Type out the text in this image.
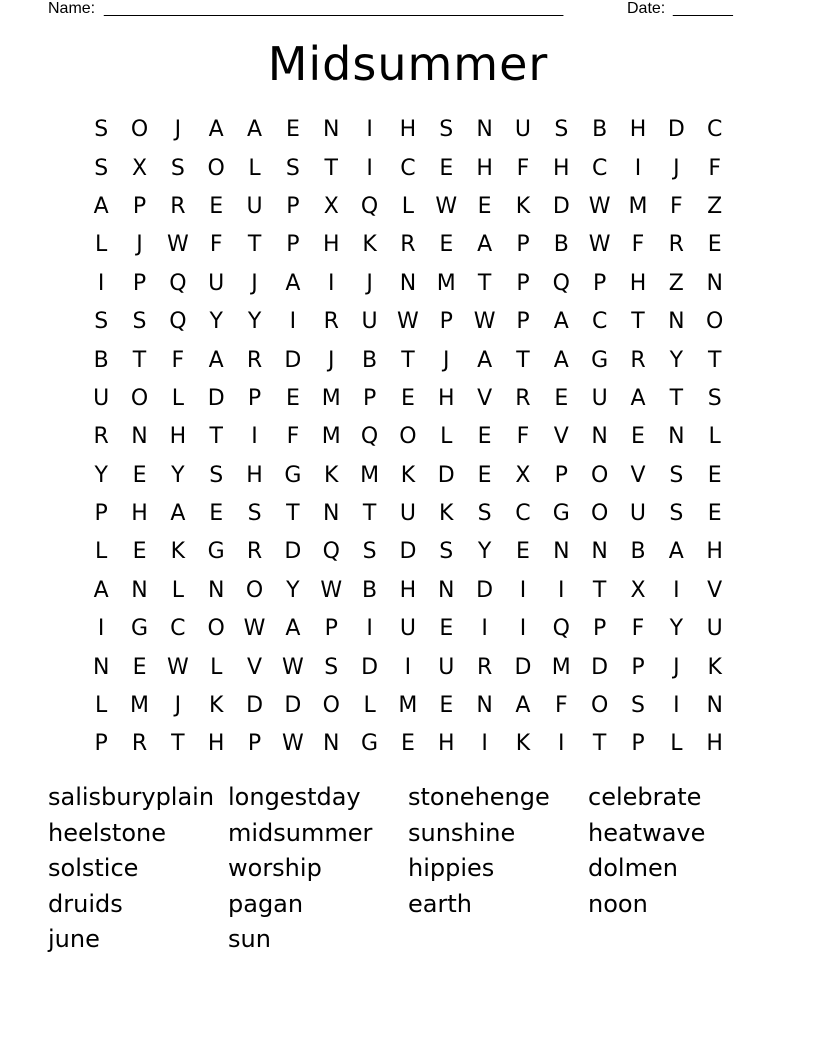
Name: ______________________________________________________	Date: _______
Midsummer
S	O	J	A	A	E	N	I	H	S	N	U	S	B	H D	C
S	X	S	O	L	S	T	I	C	E	H	F	H	C	I	J	F
A	P	R	E	U	P	X	Q	L W E	K	D W M	F	Z
L	J	W F	T	P	H	K	R	E	A	P	B W F	R	E
I	P	Q U	J	A	I	J	N M	T	P	Q	P	H	Z	N
S	S	Q	Y	Y	I	R	U W P W P	A	C	T	N O
B	T	F	A	R	D	J	B	T	J	A	T	A	G	R	Y	T
U O	L	D	P	E M	P	E	H	V	R	E	U	A	T	S
R	N H	T	I	F	M Q O	L	E	F	V	N	E	N	L
Y	E	Y	S	H G	K M K	D	E	X	P	O	V	S	E
P	H	A	E	S	T	N	T	U	K	S	C	G O U	S	E
L	E	K	G	R	D Q	S	D	S	Y	E	N N	B	A	H
A	N	L	N O	Y W B	H N D	I	I	T	X	I	V
I	G	C O W A	P	I	U	E	I	I	Q	P	F	Y	U
N	E W L	V W S	D	I	U	R	D M D	P	J	K
L	M	J	K	D D O	L	M E	N	A	F	O	S	I	N
P	R	T	H	P W N G	E	H	I	K	I	T	P	L	H
salisburyplain longestday	stonehenge	celebrate
heelstone	midsummer	sunshine	heatwave
solstice	worship	hippies	dolmen
druids	pagan	earth	noon
june	sun
